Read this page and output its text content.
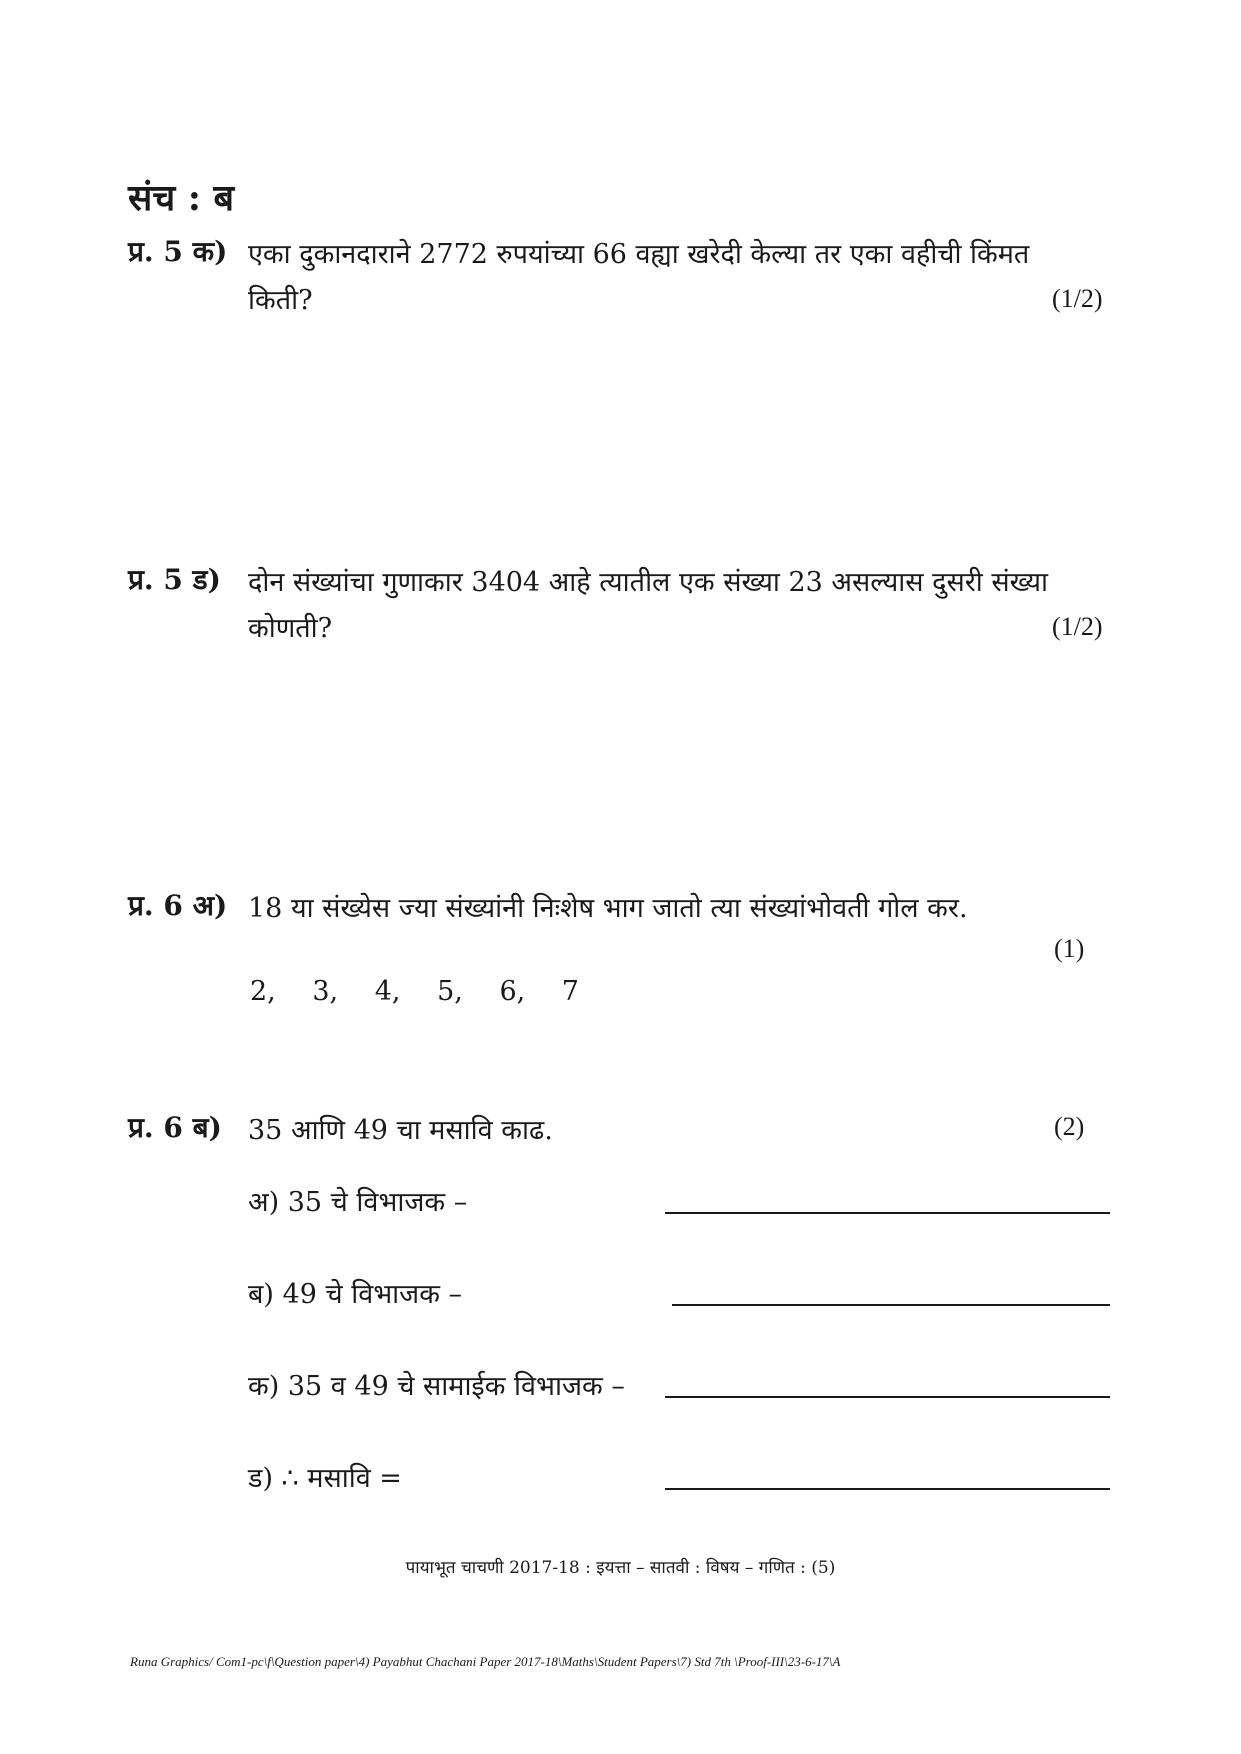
संच : ब
प्र. 5 क) एका दुकानदाराने 2772 रुपयांच्या 66 वह्या खरेदी केल्या तर एका वहीची किंमत
किती?	(1/2)
प्र. 5 ड) दोन संख्यांचा गुणाकार 3404 आहे त्यातील एक संख्या 23 असल्यास दुसरी संख्या
कोणती?	(1/2)
प्र. 6 अ) 18 या संख्येस ज्या संख्यांनी निःशेष भाग जातो त्या संख्यांभोवती गोल कर.
(1)
2, 3, 4, 5, 6, 7
प्र. 6 ब) 35 आणि 49 चा मसावि काढ.	(2)
अ) 35 चे विभाजक –
ब) 49 चे विभाजक –
क) 35 व 49 चे सामाईक विभाजक –
ड) ∴ मसावि =
पायाभूत चाचणी 2017-18 : इयत्ता – सातवी : विषय – गणित : (5)
Runa Graphics/ Com1-pc\f\Question paper\4) Payabhut Chachani Paper 2017-18\Maths\Student Papers\7) Std 7th \Proof-III\23-6-17\A
